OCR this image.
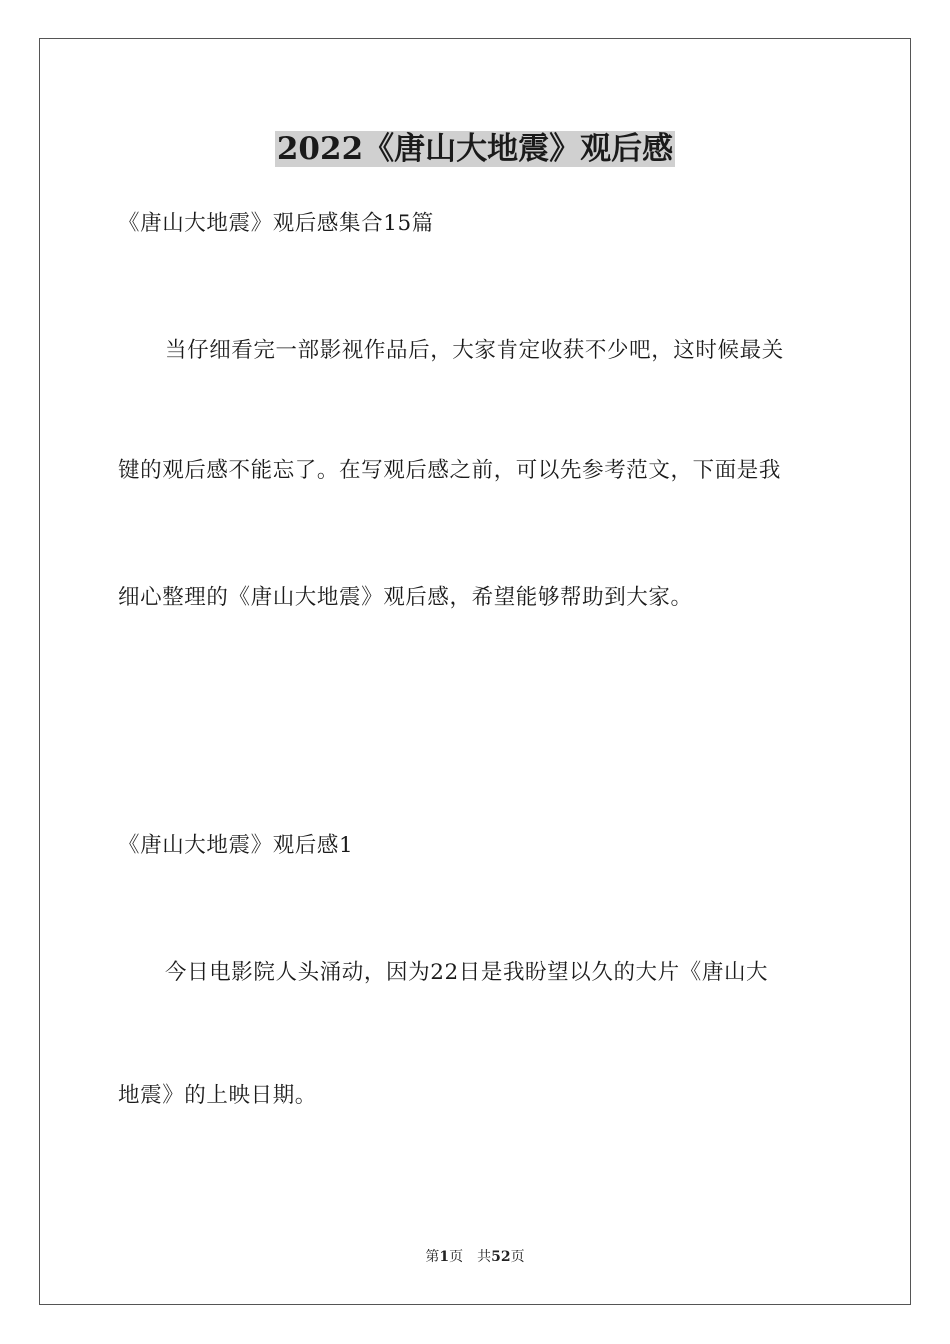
2022《唐山大地震》观后感

《唐山大地震》观后感集合15篇

当仔细看完一部影视作品后，大家肯定收获不少吧，这时候最关

键的观后感不能忘了。在写观后感之前，可以先参考范文，下面是我

细心整理的《唐山大地震》观后感，希望能够帮助到大家。

《唐山大地震》观后感1

今日电影院人头涌动，因为22日是我盼望以久的大片《唐山大

地震》的上映日期。

第1页 共52页
